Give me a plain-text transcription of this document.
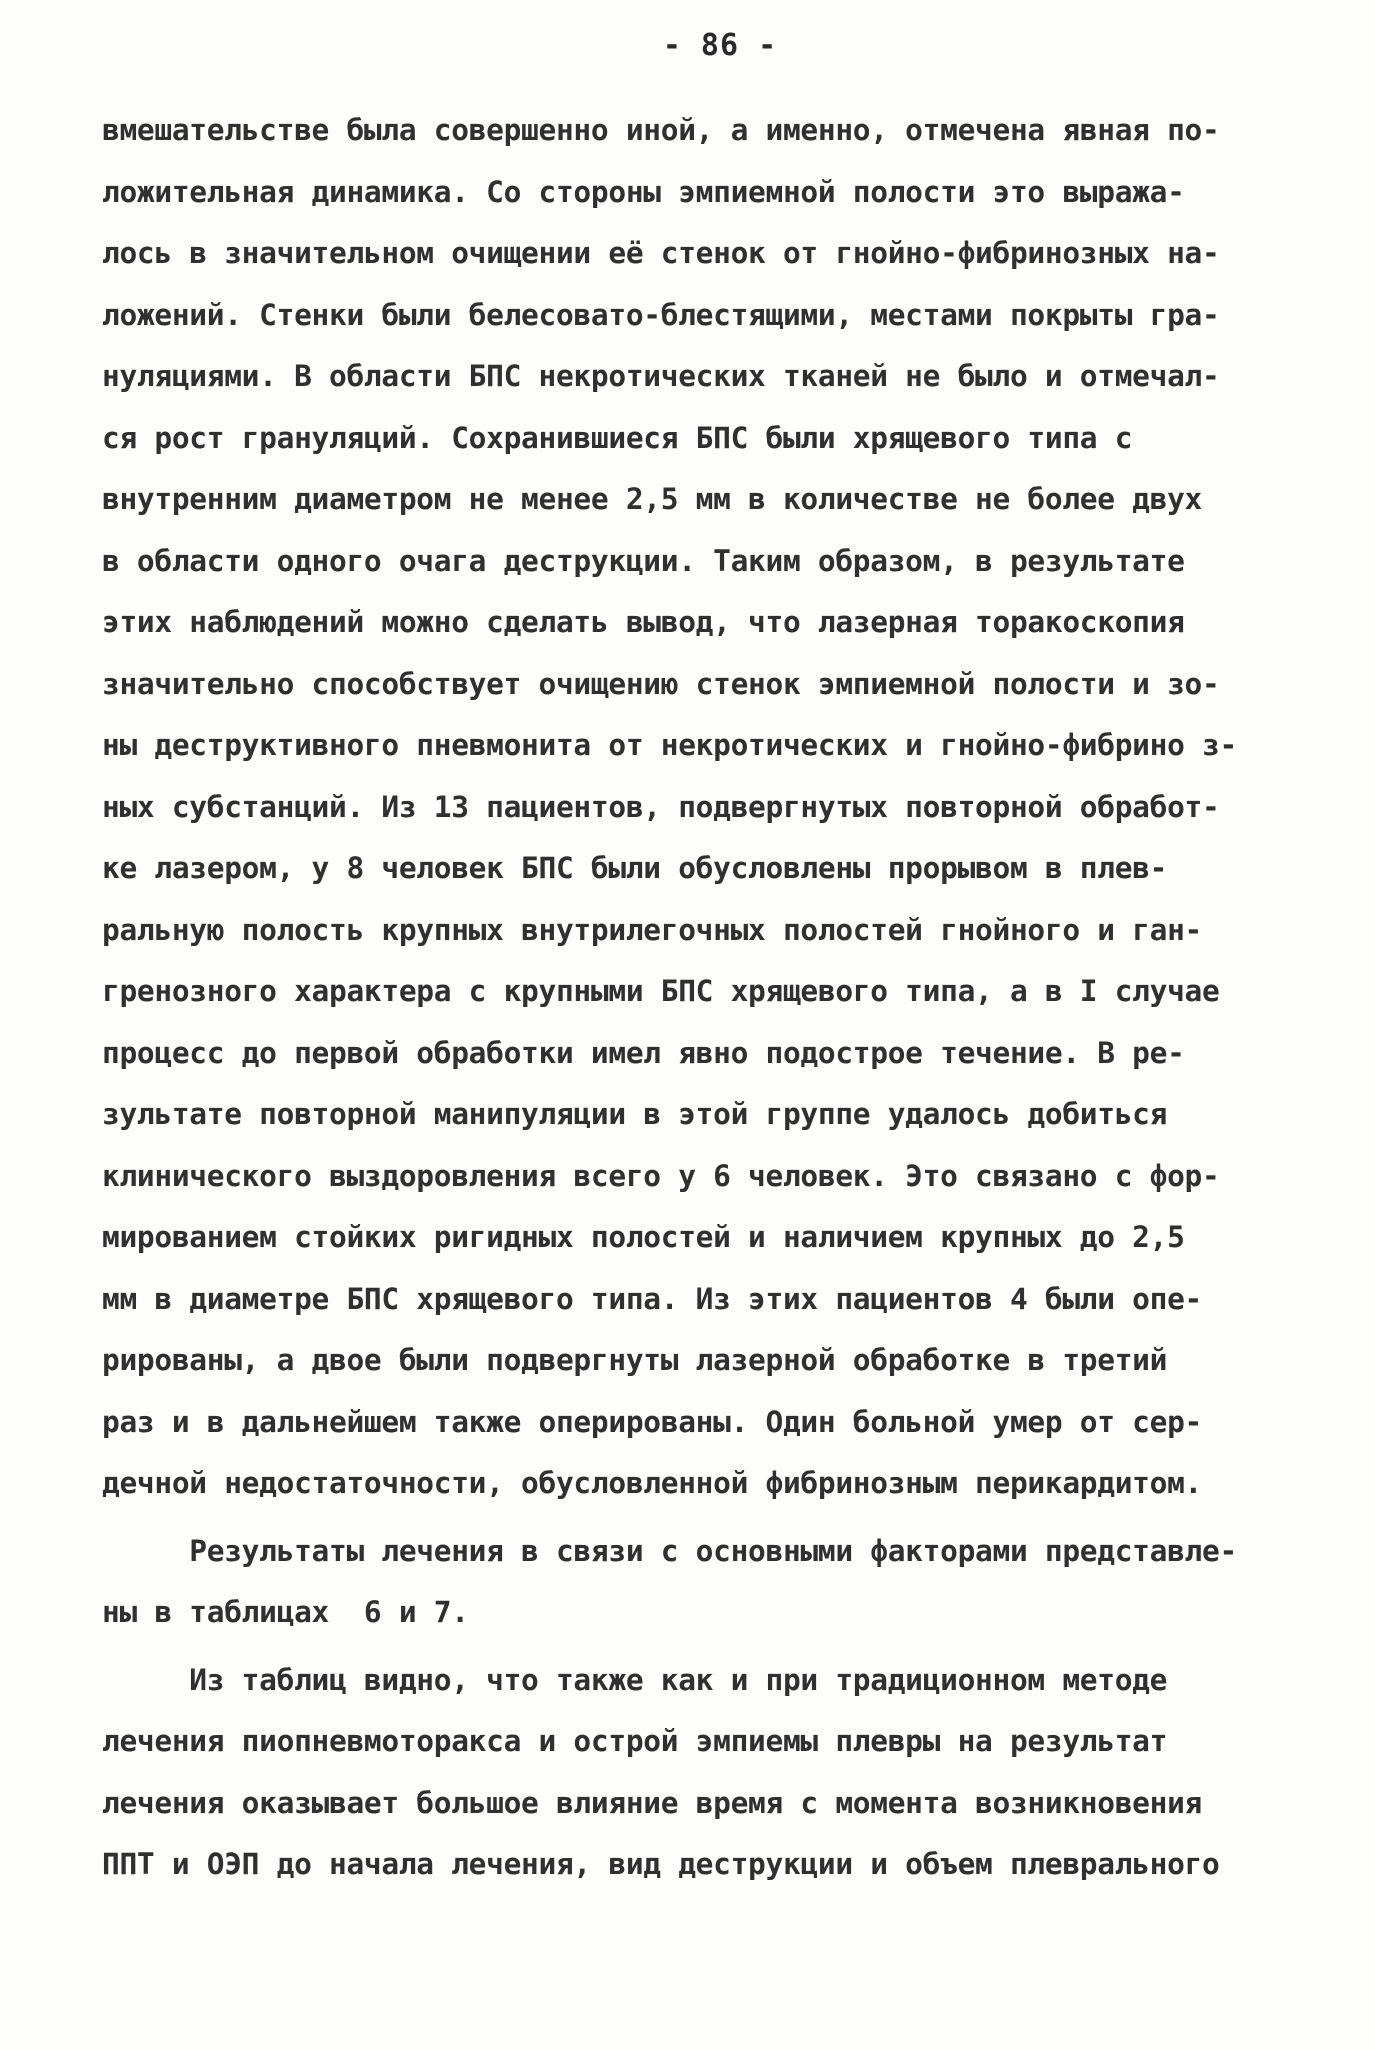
- 86 -
вмешательстве была совершенно иной, а именно, отмечена явная по-
ложительная динамика. Со стороны эмпиемной полости это выража-
лось в значительном очищении её стенок от гнойно-фибринозных на-
ложений. Стенки были белесовато-блестящими, местами покрыты гра-
нуляциями. В области БПС некротических тканей не было и отмечал-
ся рост грануляций. Сохранившиеся БПС были хрящевого типа с
внутренним диаметром не менее 2,5 мм в количестве не более двух
в области одного очага деструкции. Таким образом, в результате
этих наблюдений можно сделать вывод, что лазерная торакоскопия
значительно способствует очищению стенок эмпиемной полости и зо-
ны деструктивного пневмонита от некротических и гнойно-фибрино з-
ных субстанций. Из 13 пациентов, подвергнутых повторной обработ-
ке лазером, у 8 человек БПС были обусловлены прорывом в плев-
ральную полость крупных внутрилегочных полостей гнойного и ган-
гренозного характера с крупными БПС хрящевого типа, а в I случае
процесс до первой обработки имел явно подострое течение. В ре-
зультате повторной манипуляции в этой группе удалось добиться
клинического выздоровления всего у 6 человек. Это связано с фор-
мированием стойких ригидных полостей и наличием крупных до 2,5
мм в диаметре БПС хрящевого типа. Из этих пациентов 4 были опе-
рированы, а двое были подвергнуты лазерной обработке в третий
раз и в дальнейшем также оперированы. Один больной умер от сер-
дечной недостаточности, обусловленной фибринозным перикардитом.
Результаты лечения в связи с основными факторами представле-
ны в таблицах  6 и 7.
Из таблиц видно, что также как и при традиционном методе
лечения пиопневмоторакса и острой эмпиемы плевры на результат
лечения оказывает большое влияние время с момента возникновения
ППТ и ОЭП до начала лечения, вид деструкции и объем плеврального
